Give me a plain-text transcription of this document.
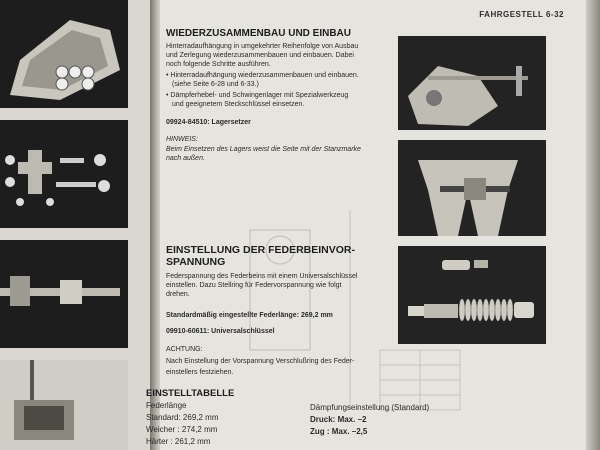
FAHRGESTELL 6-32
WIEDERZUSAMMENBAU UND EINBAU
Hinterradaufhängung in umgekehrter Reihenfolge von Ausbau
und Zerlegung wiederzusammenbauen und einbauen. Dabei
noch folgende Schritte ausführen.
• Hinterradaufhängung wiederzusammenbauen und einbauen.
(siehe Seite 6-28 und 6-33.)
• Dämpferhebel- und Schwingenlager mit Spezialwerkzeug
und geeignetem Steckschlüssel einsetzen.
09924-84510: Lagersetzer
HINWEIS:
Beim Einsetzen des Lagers weist die Seite mit der Stanzmarke
nach außen.
EINSTELLUNG DER FEDERBEINVOR-
SPANNUNG
Federspannung des Federbeins mit einem Universalschlüssel
einstellen. Dazu Stellring für Federvorspannung wie folgt
drehen.
Standardmäßig eingestellte Federlänge: 269,2 mm
09910-60611: Universalschlüssel
ACHTUNG:
Nach Einstellung der Vorspannung Verschlußring des Feder-
einstellers festziehen.
EINSTELLTABELLE
Federlänge
Standard: 269,2 mm
Weicher : 274,2 mm
Härter : 261,2 mm
Dämpfungseinstellung (Standard)
Druck: Max. –2
Zug : Max. –2,5
